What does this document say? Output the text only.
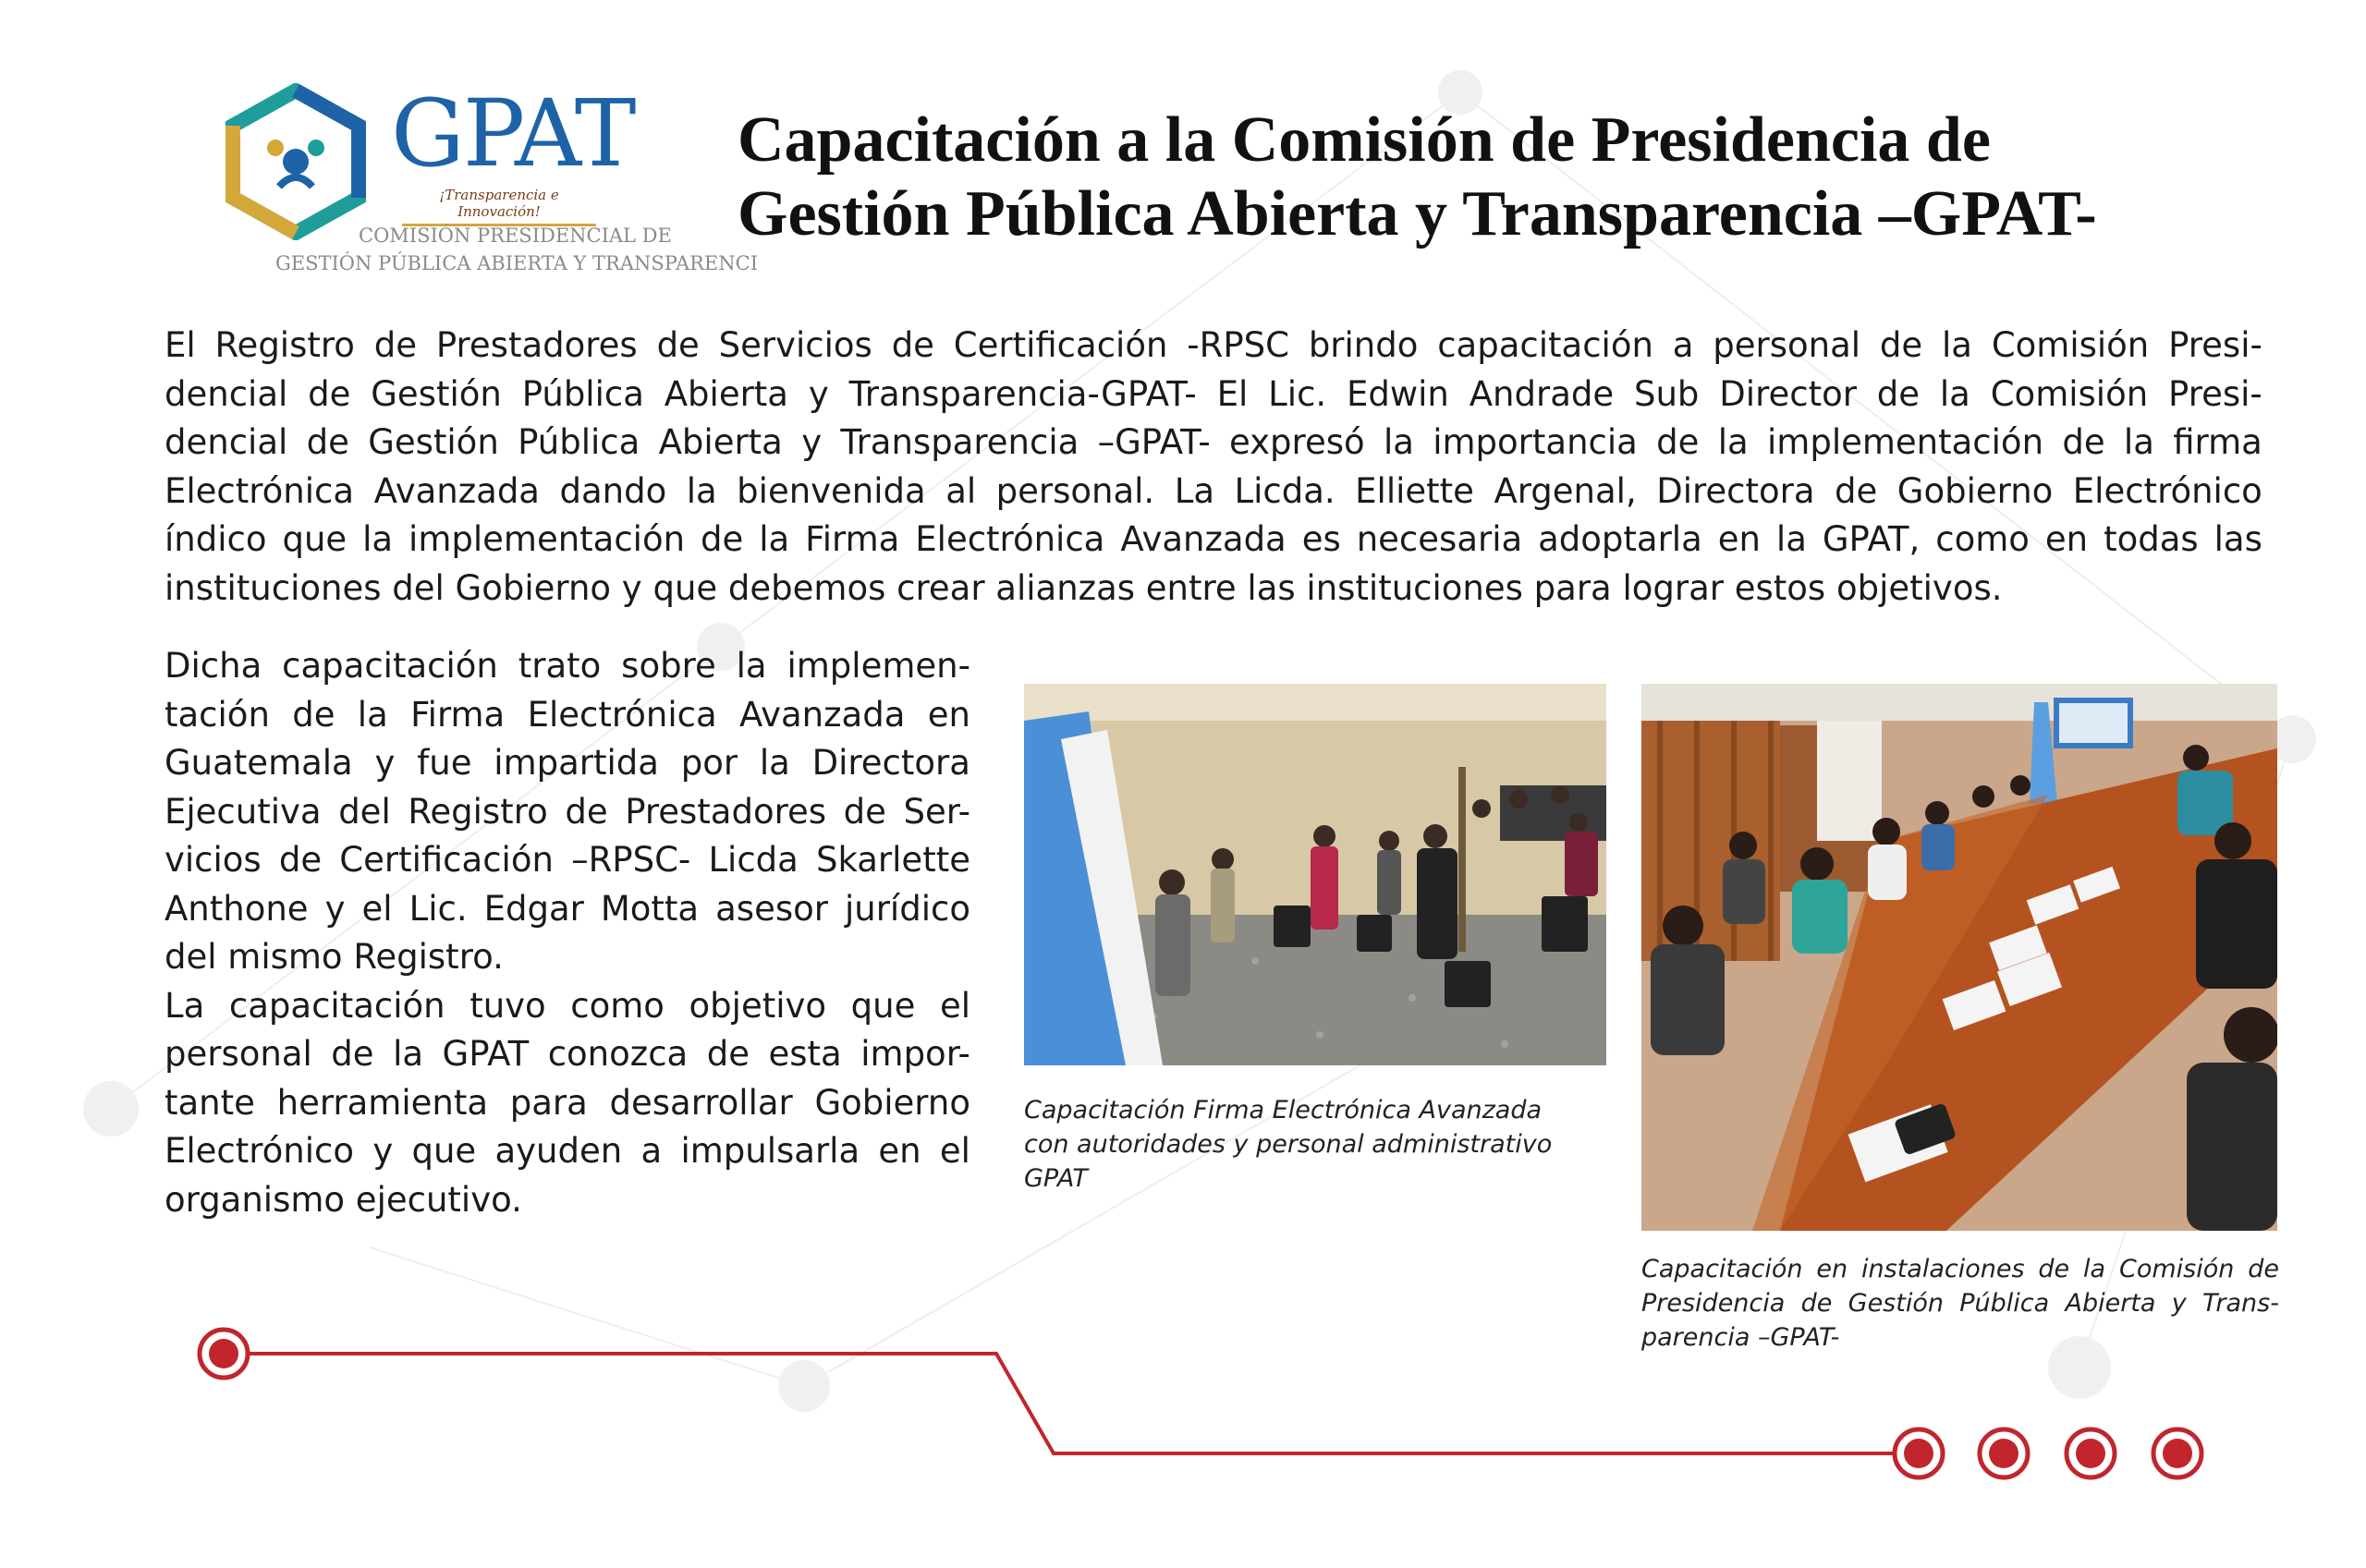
GPAT
¡Transparencia e Innovación!
COMISIÓN PRESIDENCIAL DE
GESTIÓN PÚBLICA ABIERTA Y TRANSPARENCI
Capacitación a la Comisión de Presidencia de
Gestión Pública Abierta y Transparencia –GPAT-
El Registro de Prestadores de Servicios de Certificación -RPSC brindo capacitación a personal de la Comisión Presi-
dencial de Gestión Pública Abierta y Transparencia-GPAT- El Lic. Edwin Andrade Sub Director de la Comisión Presi-
dencial de Gestión Pública Abierta y Transparencia –GPAT- expresó la importancia de la implementación de la firma
Electrónica Avanzada dando la bienvenida al personal. La Licda. Elliette Argenal, Directora de Gobierno Electrónico
índico que la implementación de la Firma Electrónica Avanzada es necesaria adoptarla en la GPAT, como en todas las
instituciones del Gobierno y que debemos crear alianzas entre las instituciones para lograr estos objetivos.
Dicha capacitación trato sobre la implemen-
tación de la Firma Electrónica Avanzada en
Guatemala y fue impartida por la Directora
Ejecutiva del Registro de Prestadores de Ser-
vicios de Certificación –RPSC- Licda Skarlette
Anthone y el Lic. Edgar Motta asesor jurídico
del mismo Registro.
La capacitación tuvo como objetivo que el
personal de la GPAT conozca de esta impor-
tante herramienta para desarrollar Gobierno
Electrónico y que ayuden a impulsarla en el
organismo ejecutivo.
Capacitación Firma Electrónica Avanzada
con autoridades y personal administrativo
GPAT
Capacitación en instalaciones de la Comisión de
Presidencia de Gestión Pública Abierta y Trans-
parencia –GPAT-
